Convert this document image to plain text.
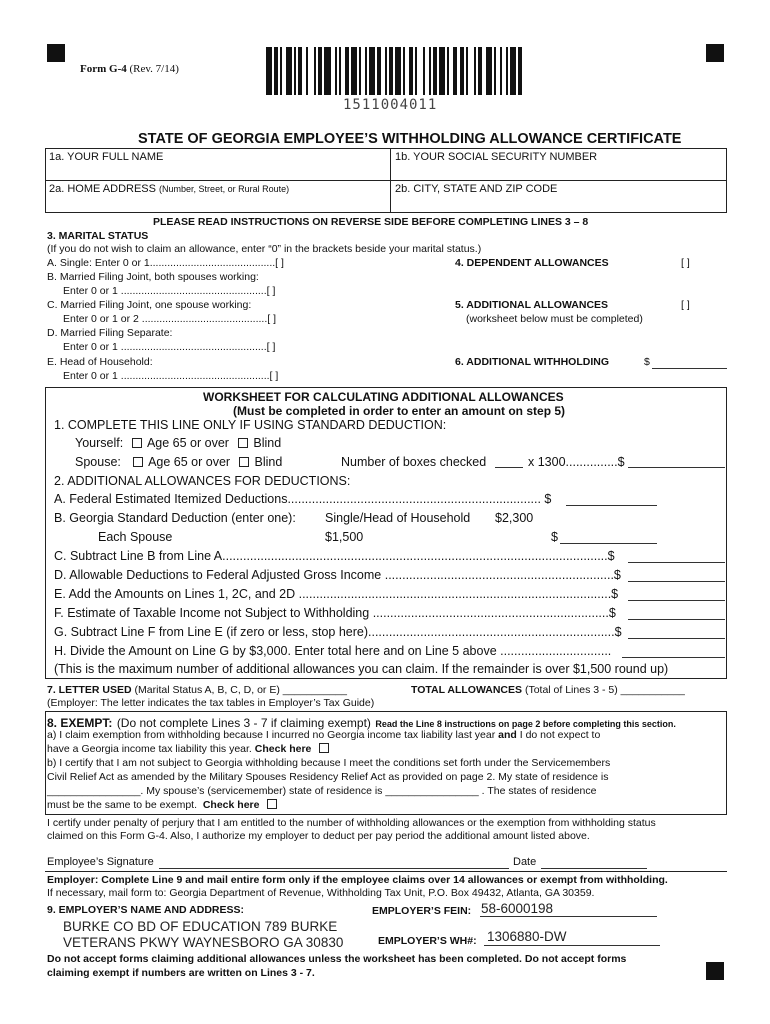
Form G-4 (Rev. 7/14)
1511004011
STATE OF GEORGIA EMPLOYEE’S WITHHOLDING ALLOWANCE CERTIFICATE
1a. YOUR FULL NAME	1b. YOUR SOCIAL SECURITY NUMBER
2a. HOME ADDRESS (Number, Street, or Rural Route)	2b. CITY, STATE AND ZIP CODE
PLEASE READ INSTRUCTIONS ON REVERSE SIDE BEFORE COMPLETING LINES 3 – 8
3. MARITAL STATUS
(If you do not wish to claim an allowance, enter “0” in the brackets beside your marital status.)
A. Single: Enter 0 or 1...........................................[ ]
B. Married Filing Joint, both spouses working:
Enter 0 or 1 ..................................................[ ]
C. Married Filing Joint, one spouse working:
Enter 0 or 1 or 2 ...........................................[ ]
D. Married Filing Separate:
Enter 0 or 1 ..................................................[ ]
E. Head of Household:
Enter 0 or 1 ...................................................[ ]
4. DEPENDENT ALLOWANCES	[ ]
5. ADDITIONAL ALLOWANCES	[ ]
(worksheet below must be completed)
6. ADDITIONAL WITHHOLDING	$
WORKSHEET FOR CALCULATING ADDITIONAL ALLOWANCES
(Must be completed in order to enter an amount on step 5)
1. COMPLETE THIS LINE ONLY IF USING STANDARD DEDUCTION:
Yourself: Age 65 or over Blind
Spouse: Age 65 or over Blind	Number of boxes checked	x 1300...............$
2. ADDITIONAL ALLOWANCES FOR DEDUCTIONS:
A. Federal Estimated Itemized Deductions......................................................................... $
B. Georgia Standard Deduction (enter one): Single/Head of Household $2,300
Each Spouse	$1,500	$
C. Subtract Line B from Line A...............................................................................................................$
D. Allowable Deductions to Federal Adjusted Gross Income ..................................................................$
E. Add the Amounts on Lines 1, 2C, and 2D ..........................................................................................$
F. Estimate of Taxable Income not Subject to Withholding ....................................................................$
G. Subtract Line F from Line E (if zero or less, stop here).......................................................................$
H. Divide the Amount on Line G by $3,000. Enter total here and on Line 5 above ................................
(This is the maximum number of additional allowances you can claim. If the remainder is over $1,500 round up)
7. LETTER USED (Marital Status A, B, C, D, or E) ___________	TOTAL ALLOWANCES (Total of Lines 3 - 5) ___________
(Employer: The letter indicates the tax tables in Employer’s Tax Guide)
8. EXEMPT: (Do not complete Lines 3 - 7 if claiming exempt) Read the Line 8 instructions on page 2 before completing this section.
a) I claim exemption from withholding because I incurred no Georgia income tax liability last year and I do not expect to
have a Georgia income tax liability this year. Check here
b) I certify that I am not subject to Georgia withholding because I meet the conditions set forth under the Servicemembers
Civil Relief Act as amended by the Military Spouses Residency Relief Act as provided on page 2. My state of residence is
________________. My spouse’s (servicemember) state of residence is ________________ . The states of residence
must be the same to be exempt. Check here
I certify under penalty of perjury that I am entitled to the number of withholding allowances or the exemption from withholding status
claimed on this Form G-4. Also, I authorize my employer to deduct per pay period the additional amount listed above.
Employee’s Signature	Date
Employer: Complete Line 9 and mail entire form only if the employee claims over 14 allowances or exempt from withholding.
If necessary, mail form to: Georgia Department of Revenue, Withholding Tax Unit, P.O. Box 49432, Atlanta, GA 30359.
9. EMPLOYER’S NAME AND ADDRESS:	EMPLOYER’S FEIN: 58-6000198
BURKE CO BD OF EDUCATION 789 BURKE
VETERANS PKWY WAYNESBORO GA 30830	EMPLOYER’S WH#: 1306880-DW
Do not accept forms claiming additional allowances unless the worksheet has been completed. Do not accept forms
claiming exempt if numbers are written on Lines 3 - 7.
